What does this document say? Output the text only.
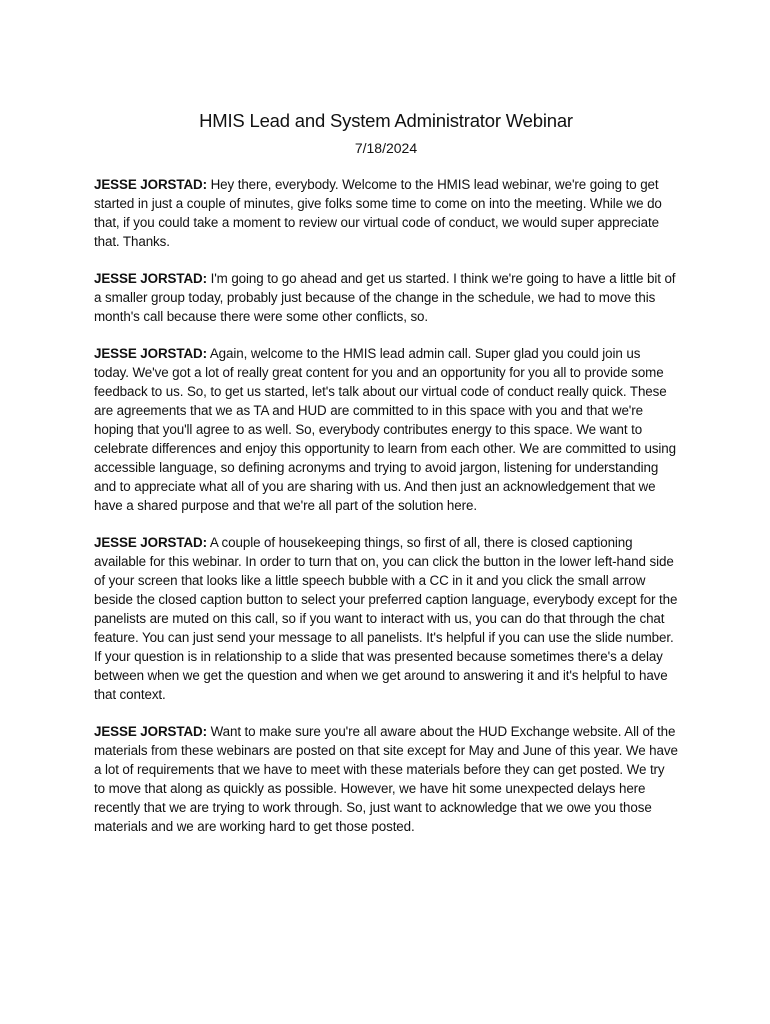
HMIS Lead and System Administrator Webinar

7/18/2024

JESSE JORSTAD: Hey there, everybody. Welcome to the HMIS lead webinar, we're going to get started in just a couple of minutes, give folks some time to come on into the meeting. While we do that, if you could take a moment to review our virtual code of conduct, we would super appreciate that. Thanks.

JESSE JORSTAD: I'm going to go ahead and get us started. I think we're going to have a little bit of a smaller group today, probably just because of the change in the schedule, we had to move this month's call because there were some other conflicts, so.

JESSE JORSTAD: Again, welcome to the HMIS lead admin call. Super glad you could join us today. We've got a lot of really great content for you and an opportunity for you all to provide some feedback to us. So, to get us started, let's talk about our virtual code of conduct really quick. These are agreements that we as TA and HUD are committed to in this space with you and that we're hoping that you'll agree to as well. So, everybody contributes energy to this space. We want to celebrate differences and enjoy this opportunity to learn from each other. We are committed to using accessible language, so defining acronyms and trying to avoid jargon, listening for understanding and to appreciate what all of you are sharing with us. And then just an acknowledgement that we have a shared purpose and that we're all part of the solution here.

JESSE JORSTAD: A couple of housekeeping things, so first of all, there is closed captioning available for this webinar. In order to turn that on, you can click the button in the lower left-hand side of your screen that looks like a little speech bubble with a CC in it and you click the small arrow beside the closed caption button to select your preferred caption language, everybody except for the panelists are muted on this call, so if you want to interact with us, you can do that through the chat feature. You can just send your message to all panelists. It's helpful if you can use the slide number. If your question is in relationship to a slide that was presented because sometimes there's a delay between when we get the question and when we get around to answering it and it's helpful to have that context.

JESSE JORSTAD: Want to make sure you're all aware about the HUD Exchange website. All of the materials from these webinars are posted on that site except for May and June of this year. We have a lot of requirements that we have to meet with these materials before they can get posted. We try to move that along as quickly as possible. However, we have hit some unexpected delays here recently that we are trying to work through. So, just want to acknowledge that we owe you those materials and we are working hard to get those posted.
